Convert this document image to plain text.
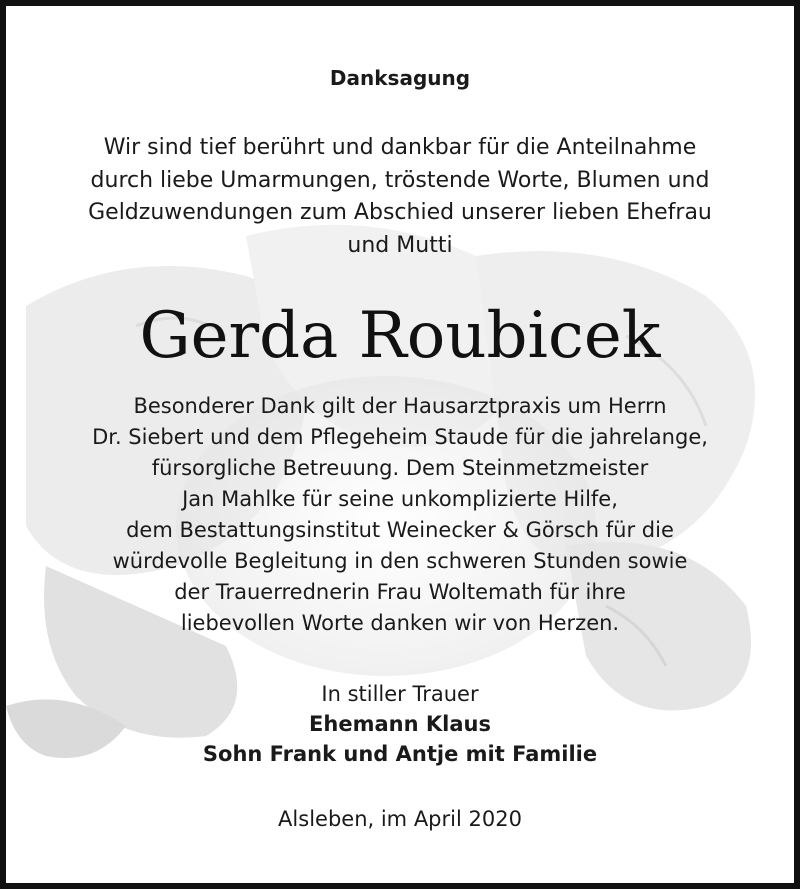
Danksagung
Wir sind tief berührt und dankbar für die Anteilnahme
durch liebe Umarmungen, tröstende Worte, Blumen und
Geldzuwendungen zum Abschied unserer lieben Ehefrau
und Mutti
Gerda Roubicek
Besonderer Dank gilt der Hausarztpraxis um Herrn
Dr. Siebert und dem Pflegeheim Staude für die jahrelange,
fürsorgliche Betreuung. Dem Steinmetzmeister
Jan Mahlke für seine unkomplizierte Hilfe,
dem Bestattungsinstitut Weinecker & Görsch für die
würdevolle Begleitung in den schweren Stunden sowie
der Trauerrednerin Frau Woltemath für ihre
liebevollen Worte danken wir von Herzen.
In stiller Trauer
Ehemann Klaus
Sohn Frank und Antje mit Familie
Alsleben, im April 2020
